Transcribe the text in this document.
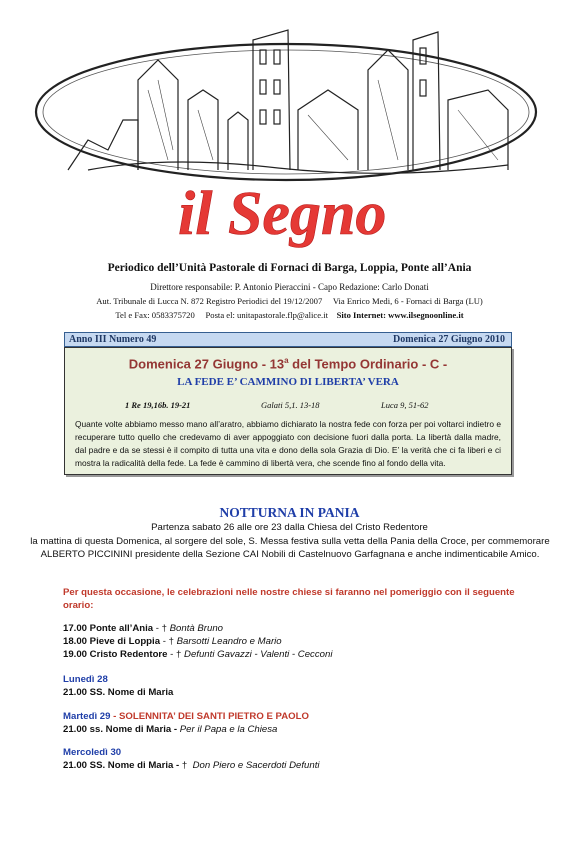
il Segno
Periodico dell’Unità Pastorale di Fornaci di Barga, Loppia, Ponte all’Ania
Direttore responsabile: P. Antonio Pieraccini - Capo Redazione: Carlo Donati
Aut. Tribunale di Lucca N. 872 Registro Periodici del 19/12/2007 Via Enrico Medi, 6 - Fornaci di Barga (LU)
Tel e Fax: 0583375720 Posta el: unitapastorale.flp@alice.it Sito Internet: www.ilsegnoonline.it
Anno III Numero 49	Domenica 27 Giugno 2010
Domenica 27 Giugno - 13$^a$ del Tempo Ordinario - C -
LA FEDE E’ CAMMINO DI LIBERTA’ VERA
1 Re 19,16b. 19-21	Galati 5,1. 13-18	Luca 9, 51-62
Quante volte abbiamo messo mano all’aratro, abbiamo dichiarato la nostra fede con forza per poi voltarci indietro e recuperare tutto quello che credevamo di aver appoggiato con decisione fuori dalla porta. La libertà dalla madre, dal padre e da se stessi è il compito di tutta una vita e dono della sola Grazia di Dio. E’ la verità che ci fa liberi e ci mostra la radicalità della fede. La fede è cammino di libertà vera, che scende fino al fondo della vita.
NOTTURNA IN PANIA
Partenza sabato 26 alle ore 23 dalla Chiesa del Cristo Redentore
la mattina di questa Domenica, al sorgere del sole, S. Messa festiva sulla vetta della Pania della Croce, per commemorare ALBERTO PICCININI presidente della Sezione CAI Nobili di Castelnuovo Garfagnana e anche indimenticabile Amico.
Per questa occasione, le celebrazioni nelle nostre chiese si faranno nel pomeriggio con il seguente orario:
17.00 Ponte all’Ania - † Bontà Bruno
18.00 Pieve di Loppia - † Barsotti Leandro e Mario
19.00 Cristo Redentore - † Defunti Gavazzi - Valenti - Cecconi
Lunedì 28
21.00 SS. Nome di Maria
Martedì 29 - SOLENNITA’ DEI SANTI PIETRO E PAOLO
21.00 ss. Nome di Maria - Per il Papa e la Chiesa
Mercoledì 30
21.00 SS. Nome di Maria - †  Don Piero e Sacerdoti Defunti
